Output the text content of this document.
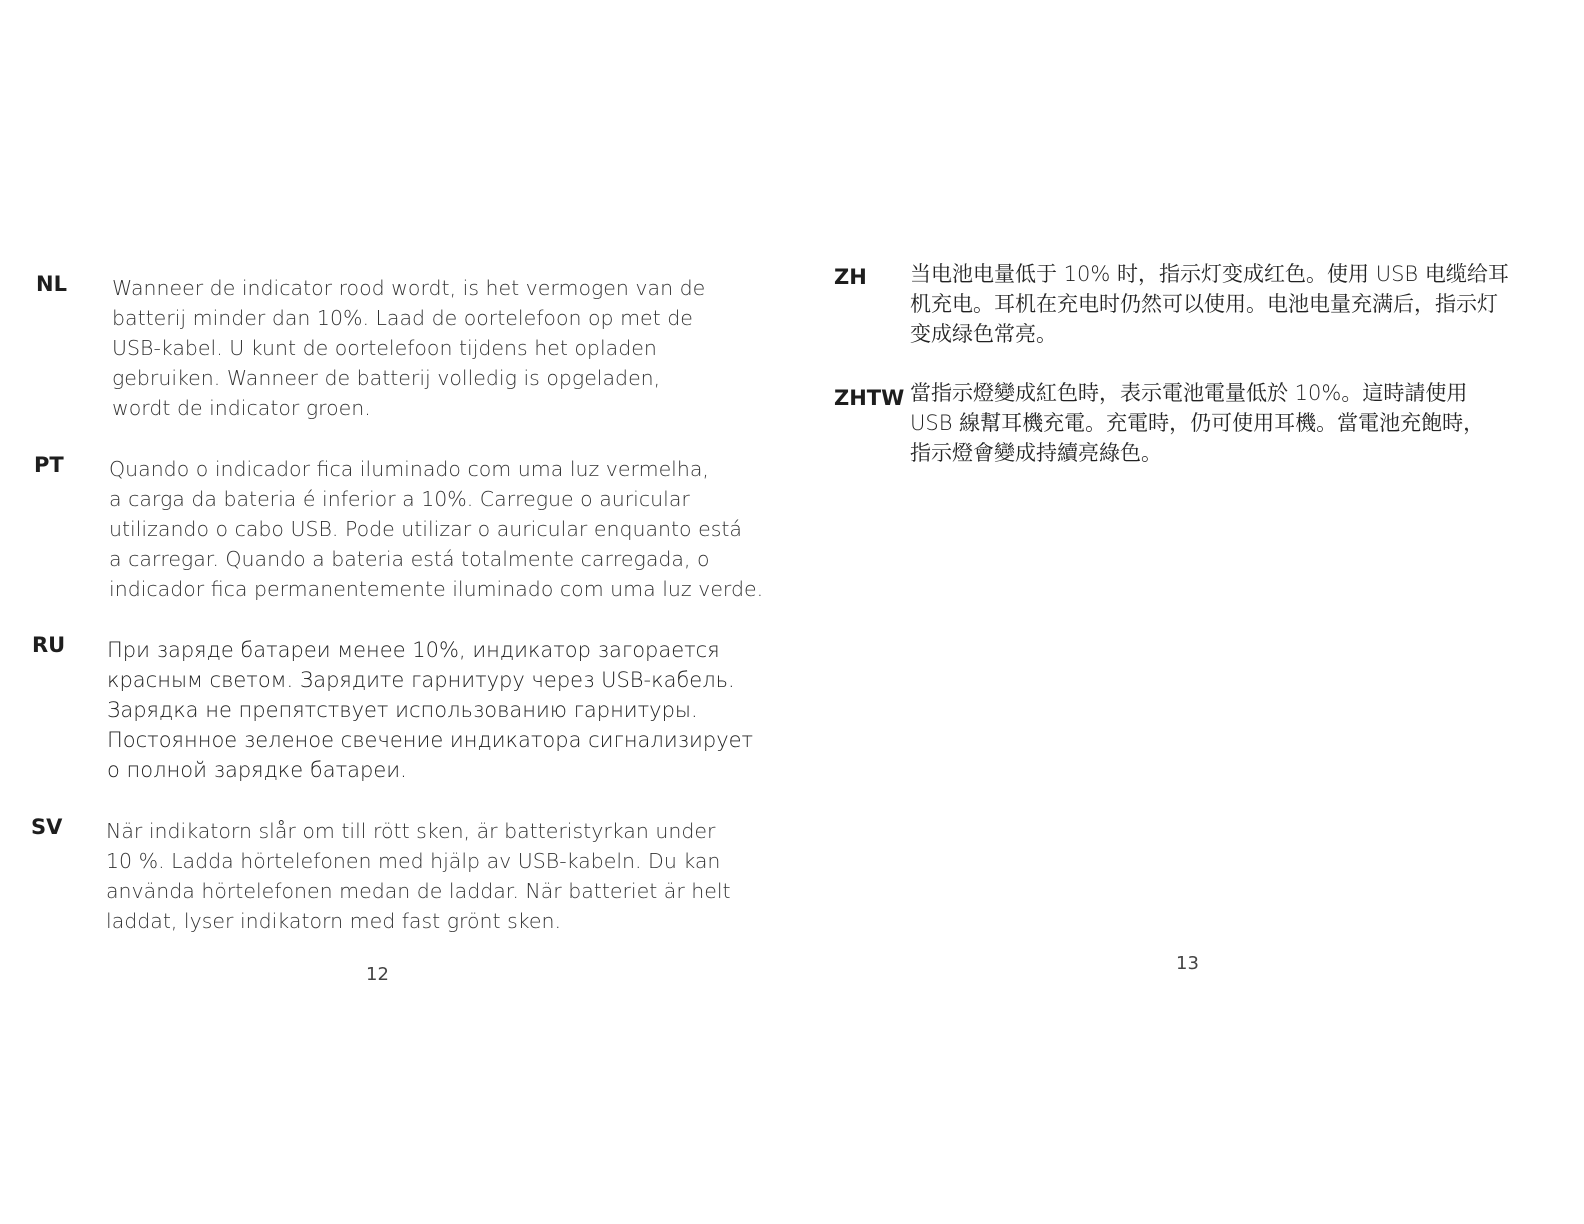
NL Wanneer de indicator rood wordt, is het vermogen van de
batterij minder dan 10%. Laad de oortelefoon op met de
USB-kabel. U kunt de oortelefoon tijdens het opladen
gebruiken. Wanneer de batterij volledig is opgeladen,
wordt de indicator groen.
PT Quando o indicador fica iluminado com uma luz vermelha,
a carga da bateria é inferior a 10%. Carregue o auricular
utilizando o cabo USB. Pode utilizar o auricular enquanto está
a carregar. Quando a bateria está totalmente carregada, o
indicador fica permanentemente iluminado com uma luz verde.
RU При заряде батареи менее 10%, индикатор загорается
красным светом. Зарядите гарнитуру через USB-кабель.
Зарядка не препятствует использованию гарнитуры.
Постоянное зеленое свечение индикатора сигнализирует
о полной зарядке батареи.
SV När indikatorn slår om till rött sken, är batteristyrkan under
10 %. Ladda hörtelefonen med hjälp av USB-kabeln. Du kan
använda hörtelefonen medan de laddar. När batteriet är helt
laddat, lyser indikatorn med fast grönt sken.
12
ZH 当电池电量低于 10% 时，指示灯变成红色。使用 USB 电缆给耳
机充电。耳机在充电时仍然可以使用。电池电量充满后，指示灯
变成绿色常亮。
ZHTW 當指示燈變成紅色時，表示電池電量低於 10%。這時請使用
USB 線幫耳機充電。充電時，仍可使用耳機。當電池充飽時，
指示燈會變成持續亮綠色。
13
